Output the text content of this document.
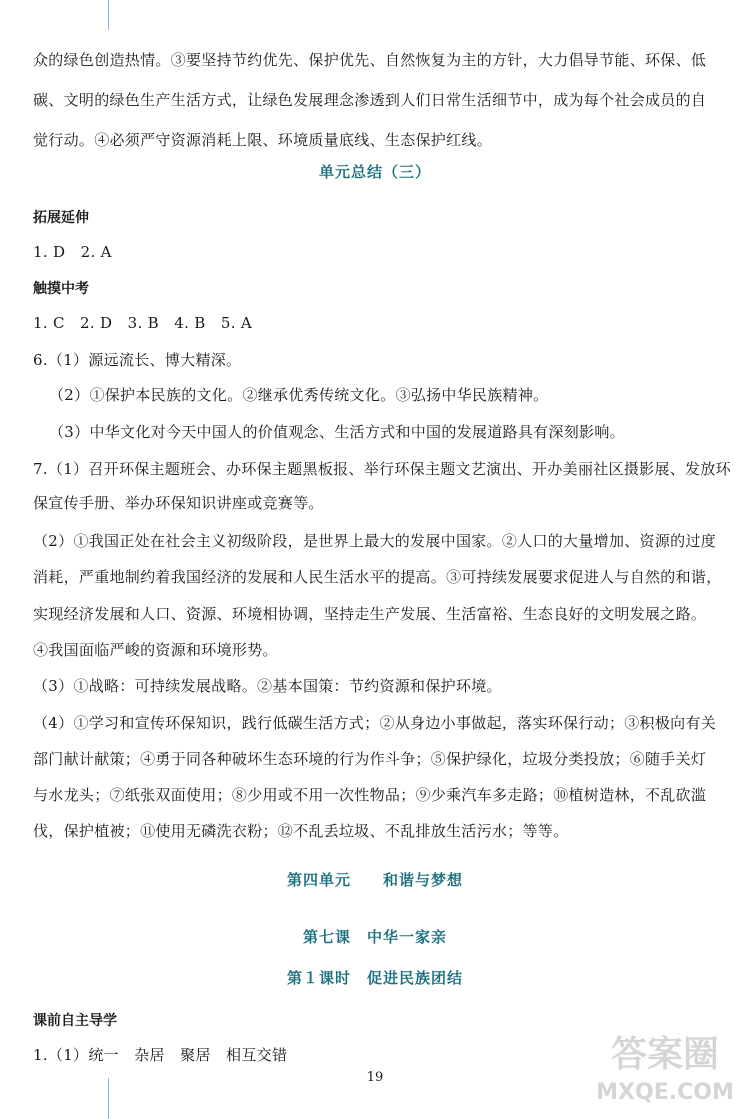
众的绿色创造热情。③要坚持节约优先、保护优先、自然恢复为主的方针，大力倡导节能、环保、低
碳、文明的绿色生产生活方式，让绿色发展理念渗透到人们日常生活细节中，成为每个社会成员的自
觉行动。④必须严守资源消耗上限、环境质量底线、生态保护红线。
单元总结（三）
拓展延伸
1. D　2. A
触摸中考
1. C　2. D　3. B　4. B　5. A
6.（1）源远流长、博大精深。
（2）①保护本民族的文化。②继承优秀传统文化。③弘扬中华民族精神。
（3）中华文化对今天中国人的价值观念、生活方式和中国的发展道路具有深刻影响。
7.（1）召开环保主题班会、办环保主题黑板报、举行环保主题文艺演出、开办美丽社区摄影展、发放环
保宣传手册、举办环保知识讲座或竞赛等。
（2）①我国正处在社会主义初级阶段，是世界上最大的发展中国家。②人口的大量增加、资源的过度
消耗，严重地制约着我国经济的发展和人民生活水平的提高。③可持续发展要求促进人与自然的和谐，
实现经济发展和人口、资源、环境相协调，坚持走生产发展、生活富裕、生态良好的文明发展之路。
④我国面临严峻的资源和环境形势。
（3）①战略：可持续发展战略。②基本国策：节约资源和保护环境。
（4）①学习和宣传环保知识，践行低碳生活方式；②从身边小事做起，落实环保行动；③积极向有关
部门献计献策；④勇于同各种破坏生态环境的行为作斗争；⑤保护绿化，垃圾分类投放；⑥随手关灯
与水龙头；⑦纸张双面使用；⑧少用或不用一次性物品；⑨少乘汽车多走路；⑩植树造林，不乱砍滥
伐，保护植被；⑪使用无磷洗衣粉；⑫不乱丢垃圾、不乱排放生活污水；等等。
第四单元　　和谐与梦想
第七课　中华一家亲
第１课时　促进民族团结
课前自主导学
1.（1）统一　杂居　聚居　相互交错
19
答案圈
MXQE.COM
